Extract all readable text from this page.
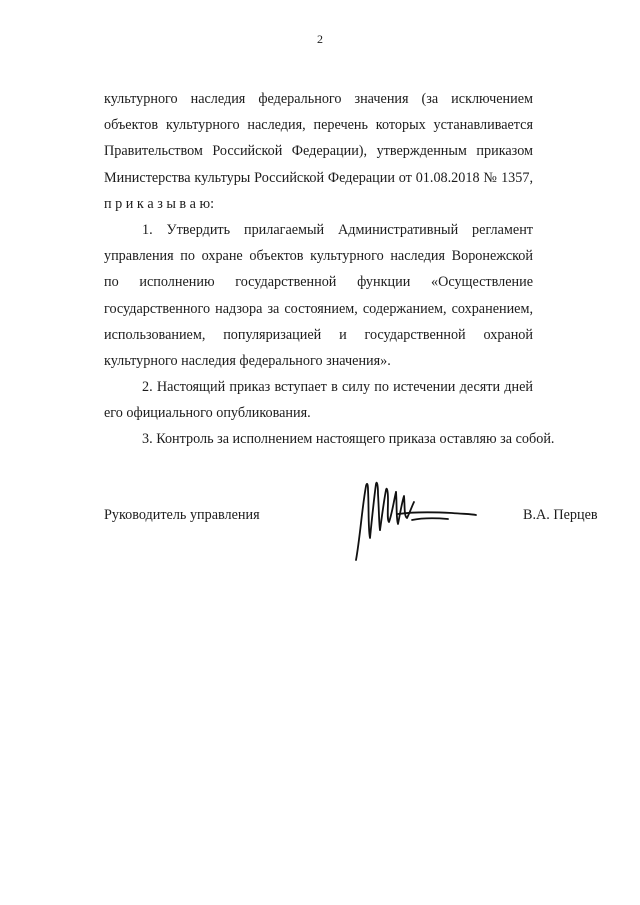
2
культурного наследия федерального значения (за исключением
объектов культурного наследия, перечень которых устанавливается
Правительством Российской Федерации), утвержденным приказом
Министерства культуры Российской Федерации от 01.08.2018 № 1357,
п р и к а з ы в а ю:
1. Утвердить прилагаемый Административный регламент
управления по охране объектов культурного наследия Воронежской
по исполнению государственной функции «Осуществление
государственного надзора за состоянием, содержанием, сохранением,
использованием, популяризацией и государственной охраной
культурного наследия федерального значения».
2. Настоящий приказ вступает в силу по истечении десяти дней
его официального опубликования.
3. Контроль за исполнением настоящего приказа оставляю за собой.
Руководитель управления	В.А. Перцев
